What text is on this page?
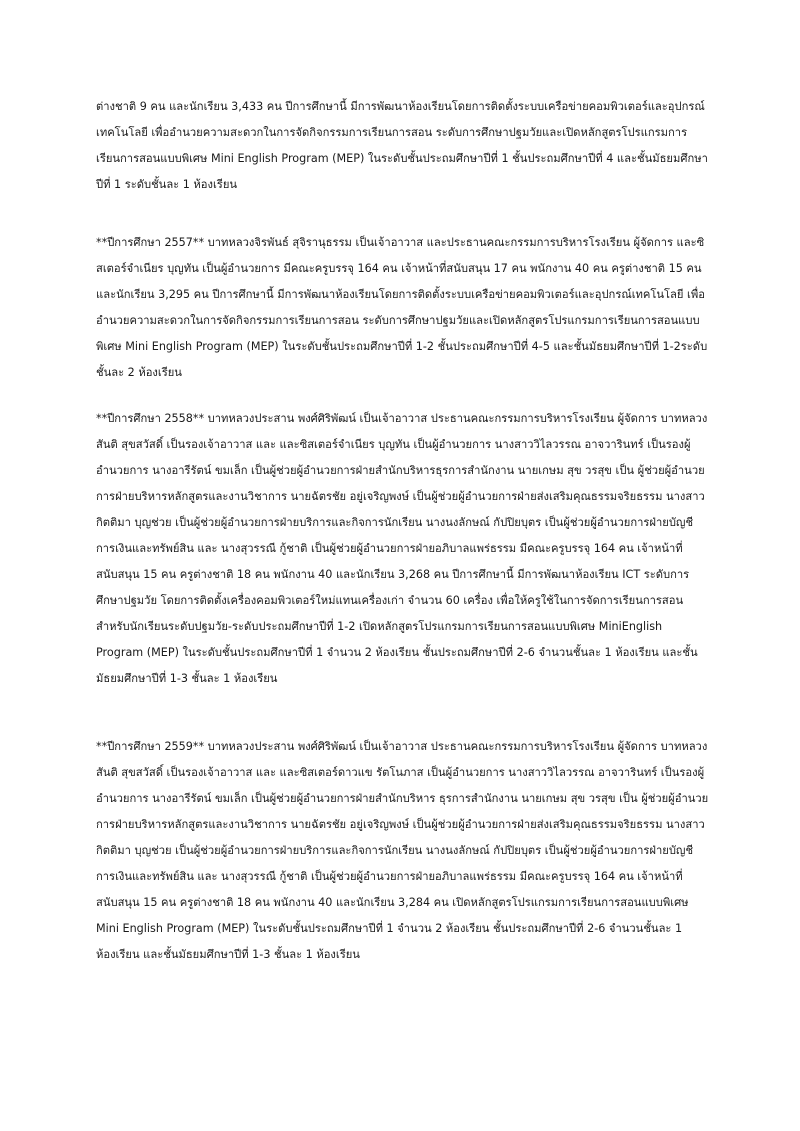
ต่างชาติ 9 คน และนักเรียน 3,433 คน ปีการศึกษานี้ มีการพัฒนาห้องเรียนโดยการติดตั้งระบบเครือข่ายคอมพิวเตอร์และอุปกรณ์เทคโนโลยี เพื่ออำนวยความสะดวกในการจัดกิจกรรมการเรียนการสอน ระดับการศึกษาปฐมวัยและเปิดหลักสูตรโปรแกรมการเรียนการสอนแบบพิเศษ Mini English Program (MEP) ในระดับชั้นประถมศึกษาปีที่ 1 ชั้นประถมศึกษาปีที่ 4 และชั้นมัธยมศึกษาปีที่ 1 ระดับชั้นละ 1 ห้องเรียน

**ปีการศึกษา 2557** บาทหลวงจิรพันธ์ สุจิรานุธรรม เป็นเจ้าอาวาส และประธานคณะกรรมการบริหารโรงเรียน ผู้จัดการ และซิสเตอร์จำเนียร บุญทัน เป็นผู้อำนวยการ มีคณะครูบรรจุ 164 คน เจ้าหน้าที่สนับสนุน 17 คน พนักงาน 40 คน ครูต่างชาติ 15 คน และนักเรียน 3,295 คน ปีการศึกษานี้ มีการพัฒนาห้องเรียนโดยการติดตั้งระบบเครือข่ายคอมพิวเตอร์และอุปกรณ์เทคโนโลยี เพื่ออำนวยความสะดวกในการจัดกิจกรรมการเรียนการสอน ระดับการศึกษาปฐมวัยและเปิดหลักสูตรโปรแกรมการเรียนการสอนแบบพิเศษ Mini English Program (MEP) ในระดับชั้นประถมศึกษาปีที่ 1-2 ชั้นประถมศึกษาปีที่ 4-5 และชั้นมัธยมศึกษาปีที่ 1-2ระดับชั้นละ 2 ห้องเรียน

**ปีการศึกษา 2558** บาทหลวงประสาน พงศ์ศิริพัฒน์ เป็นเจ้าอาวาส ประธานคณะกรรมการบริหารโรงเรียน ผู้จัดการ บาทหลวงสันติ สุขสวัสดิ์ เป็นรองเจ้าอาวาส และ และซิสเตอร์จำเนียร บุญทัน เป็นผู้อำนวยการ นางสาววิไลวรรณ อาจวารินทร์ เป็นรองผู้อำนวยการ นางอารีรัตน์ ขมเล็ก เป็นผู้ช่วยผู้อำนวยการฝ่ายสำนักบริหารธุรการสำนักงาน นายเกษม สุข วรสุข เป็น ผู้ช่วยผู้อำนวยการฝ่ายบริหารหลักสูตรและงานวิชาการ นายฉัตรชัย อยู่เจริญพงษ์ เป็นผู้ช่วยผู้อำนวยการฝ่ายส่งเสริมคุณธรรมจริยธรรม นางสาวกิตติมา บุญช่วย เป็นผู้ช่วยผู้อำนวยการฝ่ายบริการและกิจการนักเรียน นางนงลักษณ์ กัปปิยบุตร เป็นผู้ช่วยผู้อำนวยการฝ่ายบัญชีการเงินและทรัพย์สิน และ นางสุวรรณี กู้ชาติ เป็นผู้ช่วยผู้อำนวยการฝ่ายอภิบาลแพร่ธรรม มีคณะครูบรรจุ 164 คน เจ้าหน้าที่สนับสนุน 15 คน ครูต่างชาติ 18 คน พนักงาน 40 และนักเรียน 3,268 คน ปีการศึกษานี้ มีการพัฒนาห้องเรียน ICT ระดับการศึกษาปฐมวัย โดยการติดตั้งเครื่องคอมพิวเตอร์ใหม่แทนเครื่องเก่า จำนวน 60 เครื่อง เพื่อให้ครูใช้ในการจัดการเรียนการสอนสำหรับนักเรียนระดับปฐมวัย-ระดับประถมศึกษาปีที่ 1-2 เปิดหลักสูตรโปรแกรมการเรียนการสอนแบบพิเศษ MiniEnglish Program (MEP) ในระดับชั้นประถมศึกษาปีที่ 1 จำนวน 2 ห้องเรียน ชั้นประถมศึกษาปีที่ 2-6 จำนวนชั้นละ 1 ห้องเรียน และชั้นมัธยมศึกษาปีที่ 1-3 ชั้นละ 1 ห้องเรียน

**ปีการศึกษา 2559** บาทหลวงประสาน พงศ์ศิริพัฒน์ เป็นเจ้าอาวาส ประธานคณะกรรมการบริหารโรงเรียน ผู้จัดการ บาทหลวงสันติ สุขสวัสดิ์ เป็นรองเจ้าอาวาส และ และซิสเตอร์ดาวแข รัตโนภาส เป็นผู้อำนวยการ นางสาววิไลวรรณ อาจวารินทร์ เป็นรองผู้อำนวยการ นางอารีรัตน์ ขมเล็ก เป็นผู้ช่วยผู้อำนวยการฝ่ายสำนักบริหาร ธุรการสำนักงาน นายเกษม สุข วรสุข เป็น ผู้ช่วยผู้อำนวยการฝ่ายบริหารหลักสูตรและงานวิชาการ นายฉัตรชัย อยู่เจริญพงษ์ เป็นผู้ช่วยผู้อำนวยการฝ่ายส่งเสริมคุณธรรมจริยธรรม นางสาวกิตติมา บุญช่วย เป็นผู้ช่วยผู้อำนวยการฝ่ายบริการและกิจการนักเรียน นางนงลักษณ์ กัปปิยบุตร เป็นผู้ช่วยผู้อำนวยการฝ่ายบัญชีการเงินและทรัพย์สิน และ นางสุวรรณี กู้ชาติ เป็นผู้ช่วยผู้อำนวยการฝ่ายอภิบาลแพร่ธรรม มีคณะครูบรรจุ 164 คน เจ้าหน้าที่สนับสนุน 15 คน ครูต่างชาติ 18 คน พนักงาน 40 และนักเรียน 3,284 คน เปิดหลักสูตรโปรแกรมการเรียนการสอนแบบพิเศษ Mini English Program (MEP) ในระดับชั้นประถมศึกษาปีที่ 1 จำนวน 2 ห้องเรียน ชั้นประถมศึกษาปีที่ 2-6 จำนวนชั้นละ 1 ห้องเรียน และชั้นมัธยมศึกษาปีที่ 1-3 ชั้นละ 1 ห้องเรียน
